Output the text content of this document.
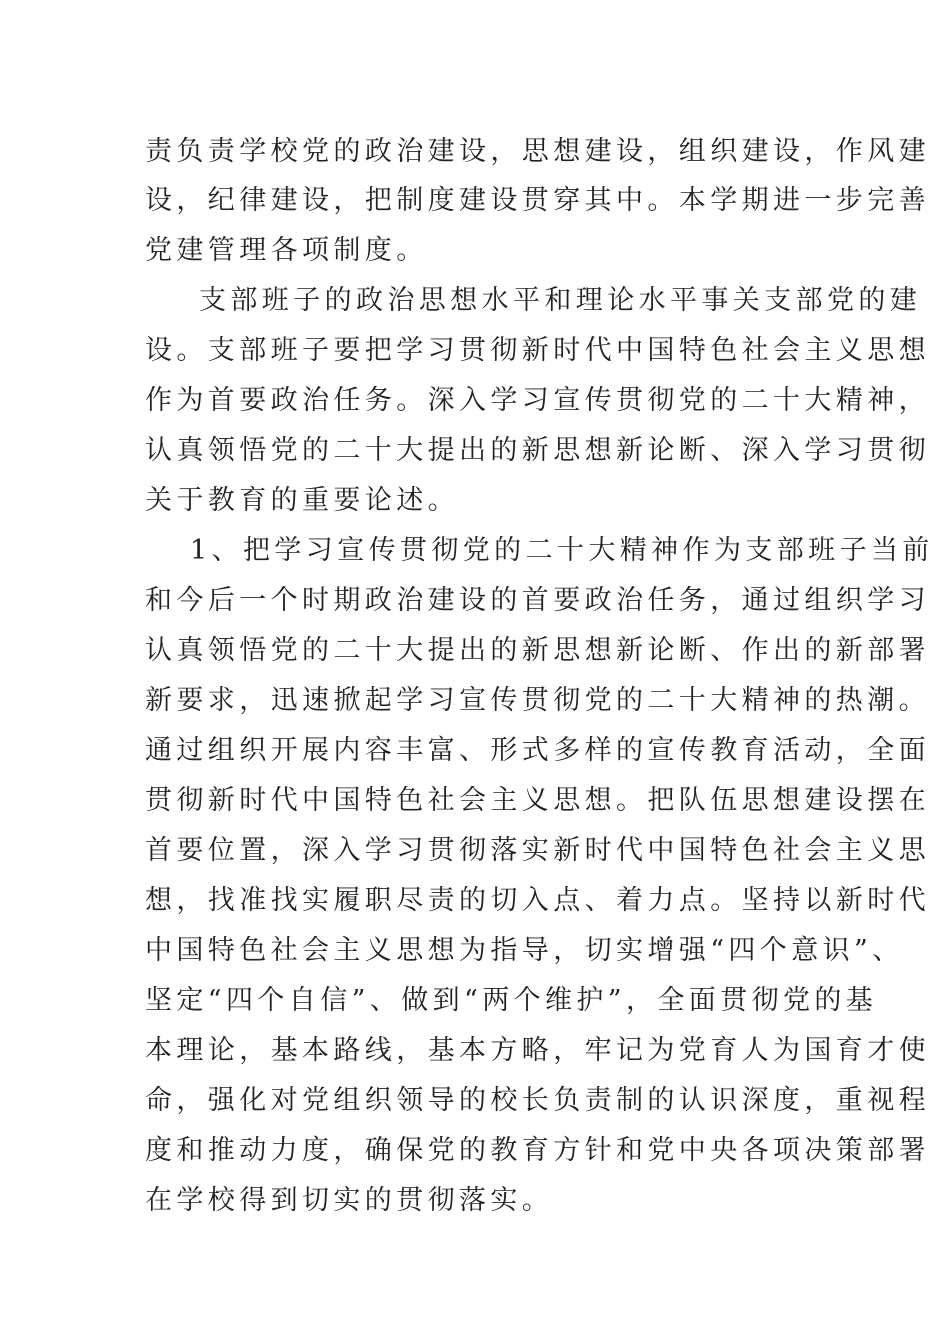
责负责学校党的政治建设，思想建设，组织建设，作风建
设，纪律建设，把制度建设贯穿其中。本学期进一步完善
党建管理各项制度。
支部班子的政治思想水平和理论水平事关支部党的建
设。支部班子要把学习贯彻新时代中国特色社会主义思想
作为首要政治任务。深入学习宣传贯彻党的二十大精神，
认真领悟党的二十大提出的新思想新论断、深入学习贯彻
关于教育的重要论述。
1、把学习宣传贯彻党的二十大精神作为支部班子当前
和今后一个时期政治建设的首要政治任务，通过组织学习
认真领悟党的二十大提出的新思想新论断、作出的新部署
新要求，迅速掀起学习宣传贯彻党的二十大精神的热潮。
通过组织开展内容丰富、形式多样的宣传教育活动，全面
贯彻新时代中国特色社会主义思想。把队伍思想建设摆在
首要位置，深入学习贯彻落实新时代中国特色社会主义思
想，找准找实履职尽责的切入点、着力点。坚持以新时代
中国特色社会主义思想为指导，切实增强“四个意识”、
坚定“四个自信”、做到“两个维护”，全面贯彻党的基
本理论，基本路线，基本方略，牢记为党育人为国育才使
命，强化对党组织领导的校长负责制的认识深度，重视程
度和推动力度，确保党的教育方针和党中央各项决策部署
在学校得到切实的贯彻落实。
